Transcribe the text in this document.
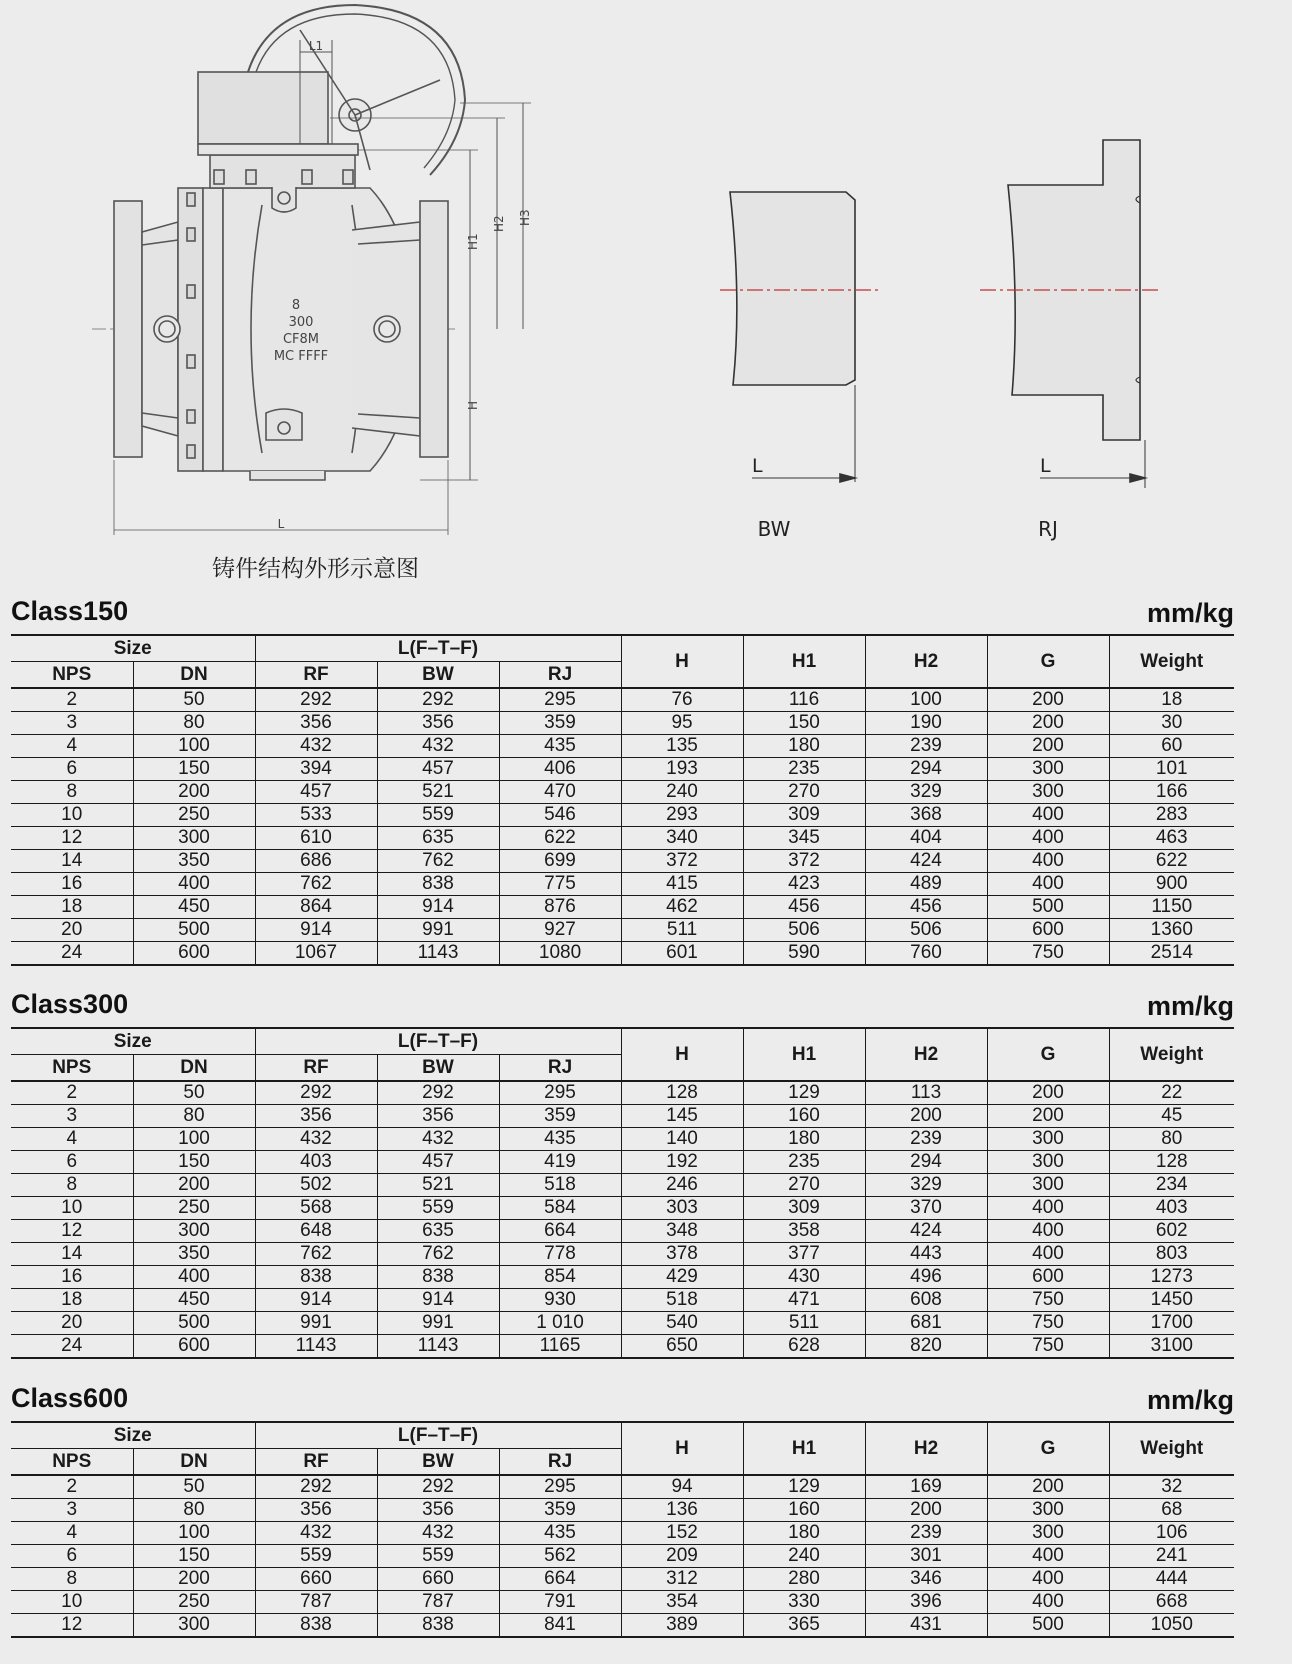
8
300
CF8M
MC FFFF
L1
H1
H2 H3
H
L
L
BW
L
RJ
铸件结构外形示意图
Class150	mm/kg
Size		L(F–T–F)			H	H1	H2	G	Weight
NPS	DN	RF	BW	RJ					
2	50	292	292	295	76	116	100	200	18
3	80	356	356	359	95	150	190	200	30
4	100	432	432	435	135	180	239	200	60
6	150	394	457	406	193	235	294	300	101
8	200	457	521	470	240	270	329	300	166
10	250	533	559	546	293	309	368	400	283
12	300	610	635	622	340	345	404	400	463
14	350	686	762	699	372	372	424	400	622
16	400	762	838	775	415	423	489	400	900
18	450	864	914	876	462	456	456	500	1150
20	500	914	991	927	511	506	506	600	1360
24	600	1067	1143	1080	601	590	760	750	2514
Class300	mm/kg
Size		L(F–T–F)			H	H1	H2	G	Weight
NPS	DN	RF	BW	RJ					
2	50	292	292	295	128	129	113	200	22
3	80	356	356	359	145	160	200	200	45
4	100	432	432	435	140	180	239	300	80
6	150	403	457	419	192	235	294	300	128
8	200	502	521	518	246	270	329	300	234
10	250	568	559	584	303	309	370	400	403
12	300	648	635	664	348	358	424	400	602
14	350	762	762	778	378	377	443	400	803
16	400	838	838	854	429	430	496	600	1273
18	450	914	914	930	518	471	608	750	1450
20	500	991	991	1 010	540	511	681	750	1700
24	600	1143	1143	1165	650	628	820	750	3100
Class600	mm/kg
Size		L(F–T–F)			H	H1	H2	G	Weight
NPS	DN	RF	BW	RJ					
2	50	292	292	295	94	129	169	200	32
3	80	356	356	359	136	160	200	300	68
4	100	432	432	435	152	180	239	300	106
6	150	559	559	562	209	240	301	400	241
8	200	660	660	664	312	280	346	400	444
10	250	787	787	791	354	330	396	400	668
12	300	838	838	841	389	365	431	500	1050
